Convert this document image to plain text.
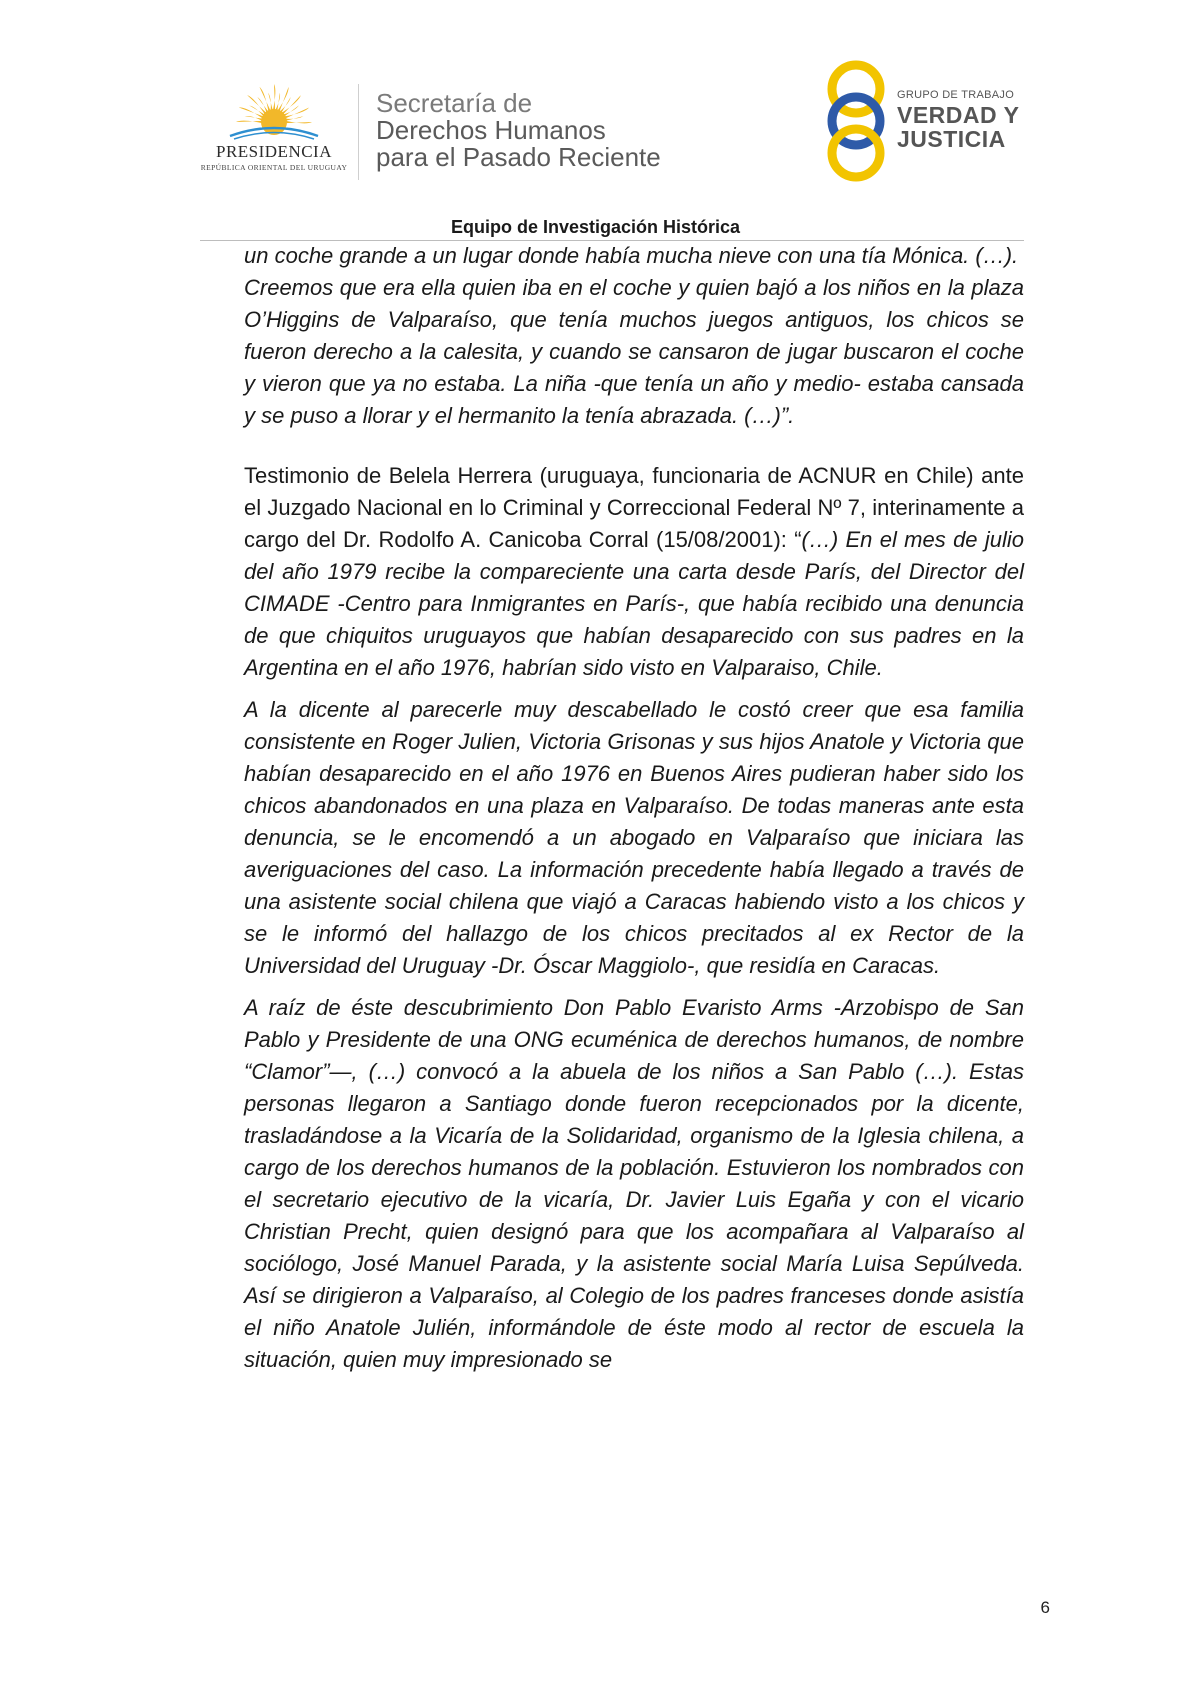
PRESIDENCIA
REPÚBLICA ORIENTAL DEL URUGUAY
Secretaría de
Derechos Humanos
para el Pasado Reciente
GRUPO DE TRABAJO
VERDAD Y
JUSTICIA
Equipo de Investigación Histórica

un coche grande a un lugar donde había mucha nieve con una tía Mónica. (…).

Creemos que era ella quien iba en el coche y quien bajó a los niños en la plaza O’Higgins de Valparaíso, que tenía muchos juegos antiguos, los chicos se fueron derecho a la calesita, y cuando se cansaron de jugar buscaron el coche y vieron que ya no estaba. La niña -que tenía un año y medio- estaba cansada y se puso a llorar y el hermanito la tenía abrazada. (…)”.

Testimonio de Belela Herrera (uruguaya, funcionaria de ACNUR en Chile) ante el Juzgado Nacional en lo Criminal y Correccional Federal Nº 7, interinamente a cargo del Dr. Rodolfo A. Canicoba Corral (15/08/2001): “(…) En el mes de julio del año 1979 recibe la compareciente una carta desde París, del Director del CIMADE -Centro para Inmigrantes en París-, que había recibido una denuncia de que chiquitos uruguayos que habían desaparecido con sus padres en la Argentina en el año 1976, habrían sido visto en Valparaiso, Chile.

A la dicente al parecerle muy descabellado le costó creer que esa familia consistente en Roger Julien, Victoria Grisonas y sus hijos Anatole y Victoria que habían desaparecido en el año 1976 en Buenos Aires pudieran haber sido los chicos abandonados en una plaza en Valparaíso. De todas maneras ante esta denuncia, se le encomendó a un abogado en Valparaíso que iniciara las averiguaciones del caso. La información precedente había llegado a través de una asistente social chilena que viajó a Caracas habiendo visto a los chicos y se le informó del hallazgo de los chicos precitados al ex Rector de la Universidad del Uruguay -Dr. Óscar Maggiolo-, que residía en Caracas.

A raíz de éste descubrimiento Don Pablo Evaristo Arms -Arzobispo de San Pablo y Presidente de una ONG ecuménica de derechos humanos, de nombre “Clamor”—, (…) convocó a la abuela de los niños a San Pablo (…). Estas personas llegaron a Santiago donde fueron recepcionados por la dicente, trasladándose a la Vicaría de la Solidaridad, organismo de la Iglesia chilena, a cargo de los derechos humanos de la población. Estuvieron los nombrados con el secretario ejecutivo de la vicaría, Dr. Javier Luis Egaña y con el vicario Christian Precht, quien designó para que los acompañara al Valparaíso al sociólogo, José Manuel Parada, y la asistente social María Luisa Sepúlveda. Así se dirigieron a Valparaíso, al Colegio de los padres franceses donde asistía el niño Anatole Julién, informándole de éste modo al rector de escuela la situación, quien muy impresionado se

6
